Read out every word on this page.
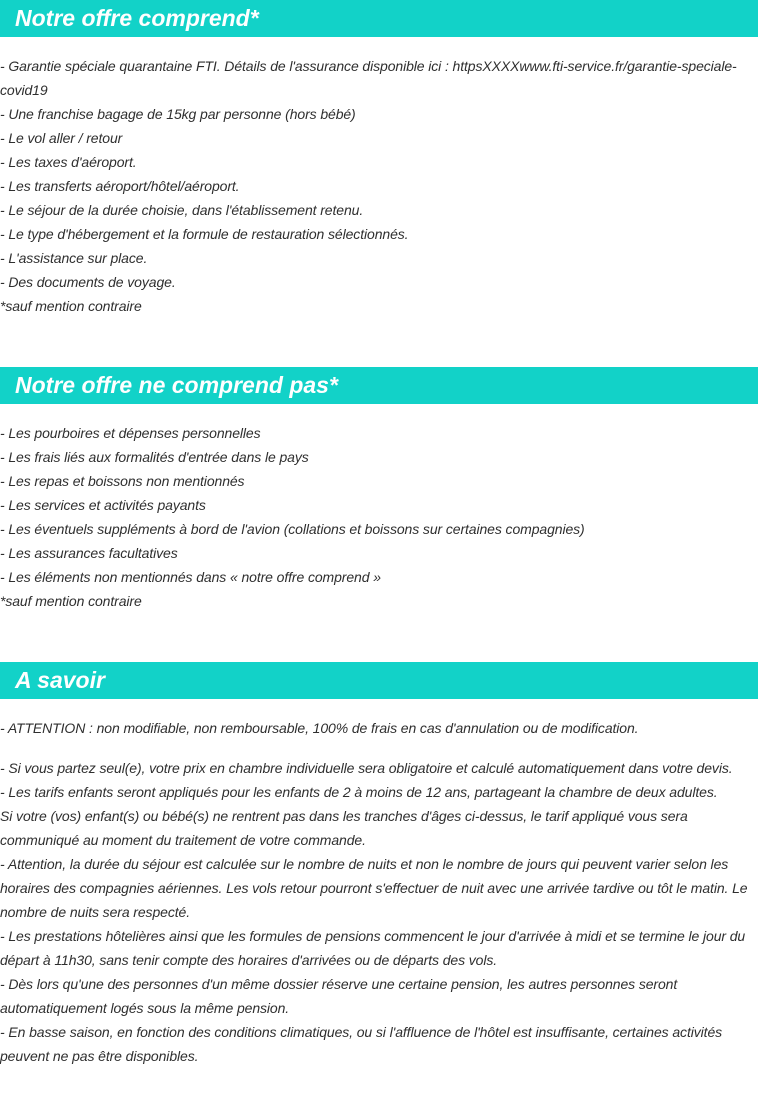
Notre offre comprend*
- Garantie spéciale quarantaine FTI. Détails de l'assurance disponible ici : httpsXXXXwww.fti-service.fr/garantie-speciale-covid19
- Une franchise bagage de 15kg par personne (hors bébé)
- Le vol aller / retour
- Les taxes d'aéroport.
- Les transferts aéroport/hôtel/aéroport.
- Le séjour de la durée choisie, dans l'établissement retenu.
- Le type d'hébergement et la formule de restauration sélectionnés.
- L'assistance sur place.
- Des documents de voyage.
*sauf mention contraire
Notre offre ne comprend pas*
- Les pourboires et dépenses personnelles
- Les frais liés aux formalités d'entrée dans le pays
- Les repas et boissons non mentionnés
- Les services et activités payants
- Les éventuels suppléments à bord de l'avion (collations et boissons sur certaines compagnies)
- Les assurances facultatives
- Les éléments non mentionnés dans « notre offre comprend »
*sauf mention contraire
A savoir
- ATTENTION : non modifiable, non remboursable, 100% de frais en cas d'annulation ou de modification.
- Si vous partez seul(e), votre prix en chambre individuelle sera obligatoire et calculé automatiquement dans votre devis.
- Les tarifs enfants seront appliqués pour les enfants de 2 à moins de 12 ans, partageant la chambre de deux adultes.
Si votre (vos) enfant(s) ou bébé(s) ne rentrent pas dans les tranches d'âges ci-dessus, le tarif appliqué vous sera communiqué au moment du traitement de votre commande.
- Attention, la durée du séjour est calculée sur le nombre de nuits et non le nombre de jours qui peuvent varier selon les horaires des compagnies aériennes. Les vols retour pourront s'effectuer de nuit avec une arrivée tardive ou tôt le matin. Le nombre de nuits sera respecté.
- Les prestations hôtelières ainsi que les formules de pensions commencent le jour d'arrivée à midi et se termine le jour du départ à 11h30, sans tenir compte des horaires d'arrivées ou de départs des vols.
- Dès lors qu'une des personnes d'un même dossier réserve une certaine pension, les autres personnes seront automatiquement logés sous la même pension.
- En basse saison, en fonction des conditions climatiques, ou si l'affluence de l'hôtel est insuffisante, certaines activités peuvent ne pas être disponibles.
